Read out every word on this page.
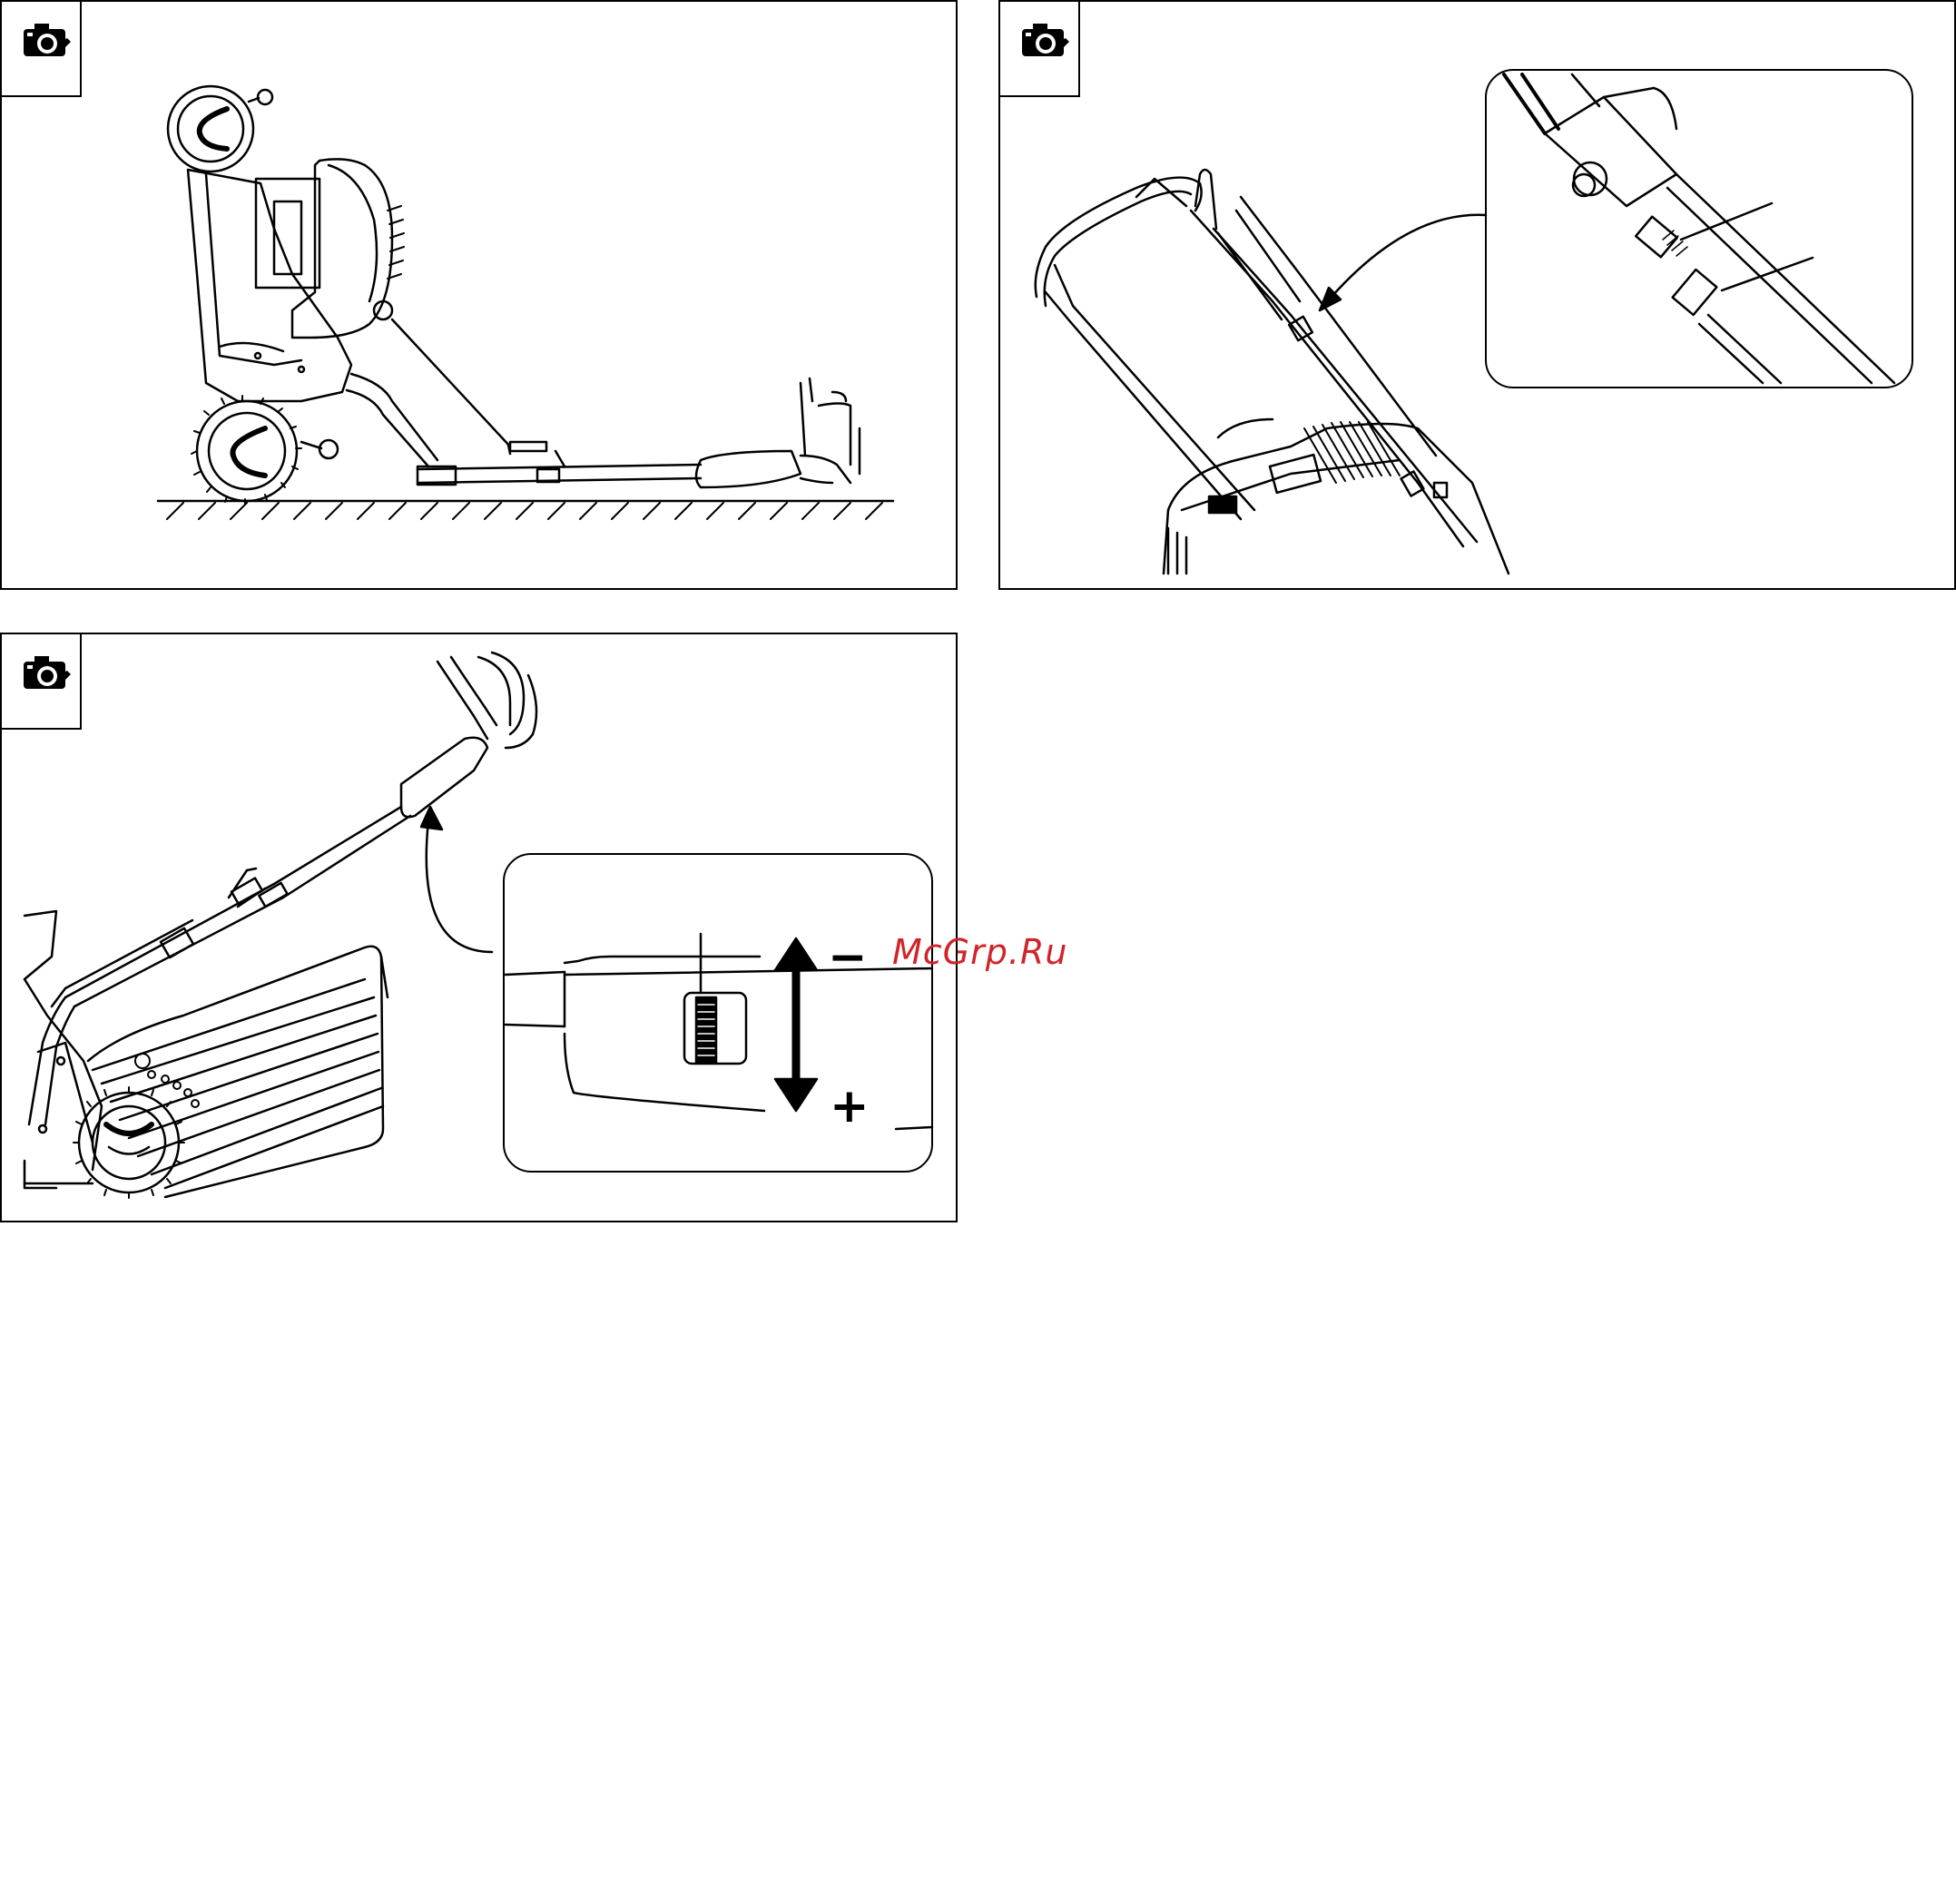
−
+
McGrp.Ru
